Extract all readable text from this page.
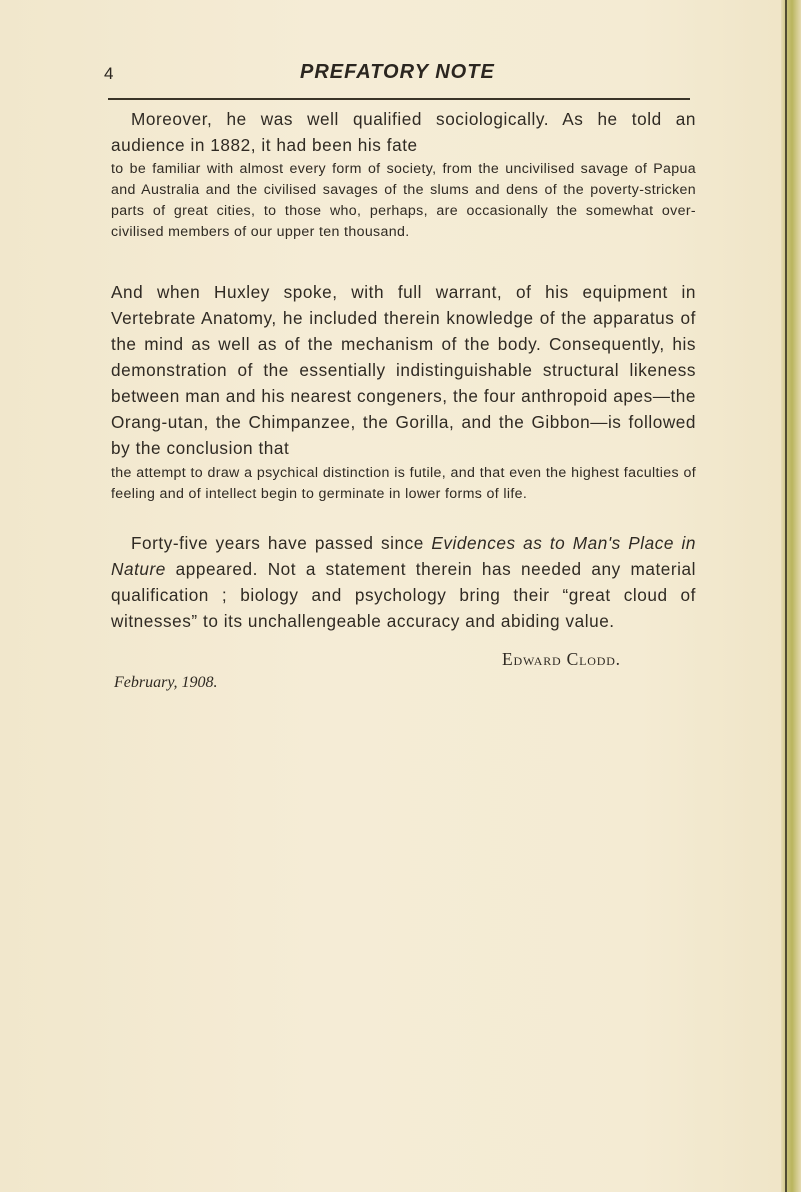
4	PREFATORY NOTE

Moreover, he was well qualified sociologically. As he told an audience in 1882, it had been his fate

to be familiar with almost every form of society, from the uncivilised savage of Papua and Australia and the civilised savages of the slums and dens of the poverty-stricken parts of great cities, to those who, perhaps, are occasionally the somewhat over-civilised members of our upper ten thousand.

And when Huxley spoke, with full warrant, of his equipment in Vertebrate Anatomy, he included therein knowledge of the apparatus of the mind as well as of the mechanism of the body. Consequently, his demonstration of the essentially indistinguishable structural likeness between man and his nearest congeners, the four anthropoid apes—the Orang-utan, the Chimpanzee, the Gorilla, and the Gibbon—is followed by the conclusion that

the attempt to draw a psychical distinction is futile, and that even the highest faculties of feeling and of intellect begin to germinate in lower forms of life.

Forty-five years have passed since Evidences as to Man's Place in Nature appeared. Not a statement therein has needed any material qualification ; biology and psychology bring their “great cloud of witnesses” to its unchallengeable accuracy and abiding value.

Edward Clodd.
February, 1908.
